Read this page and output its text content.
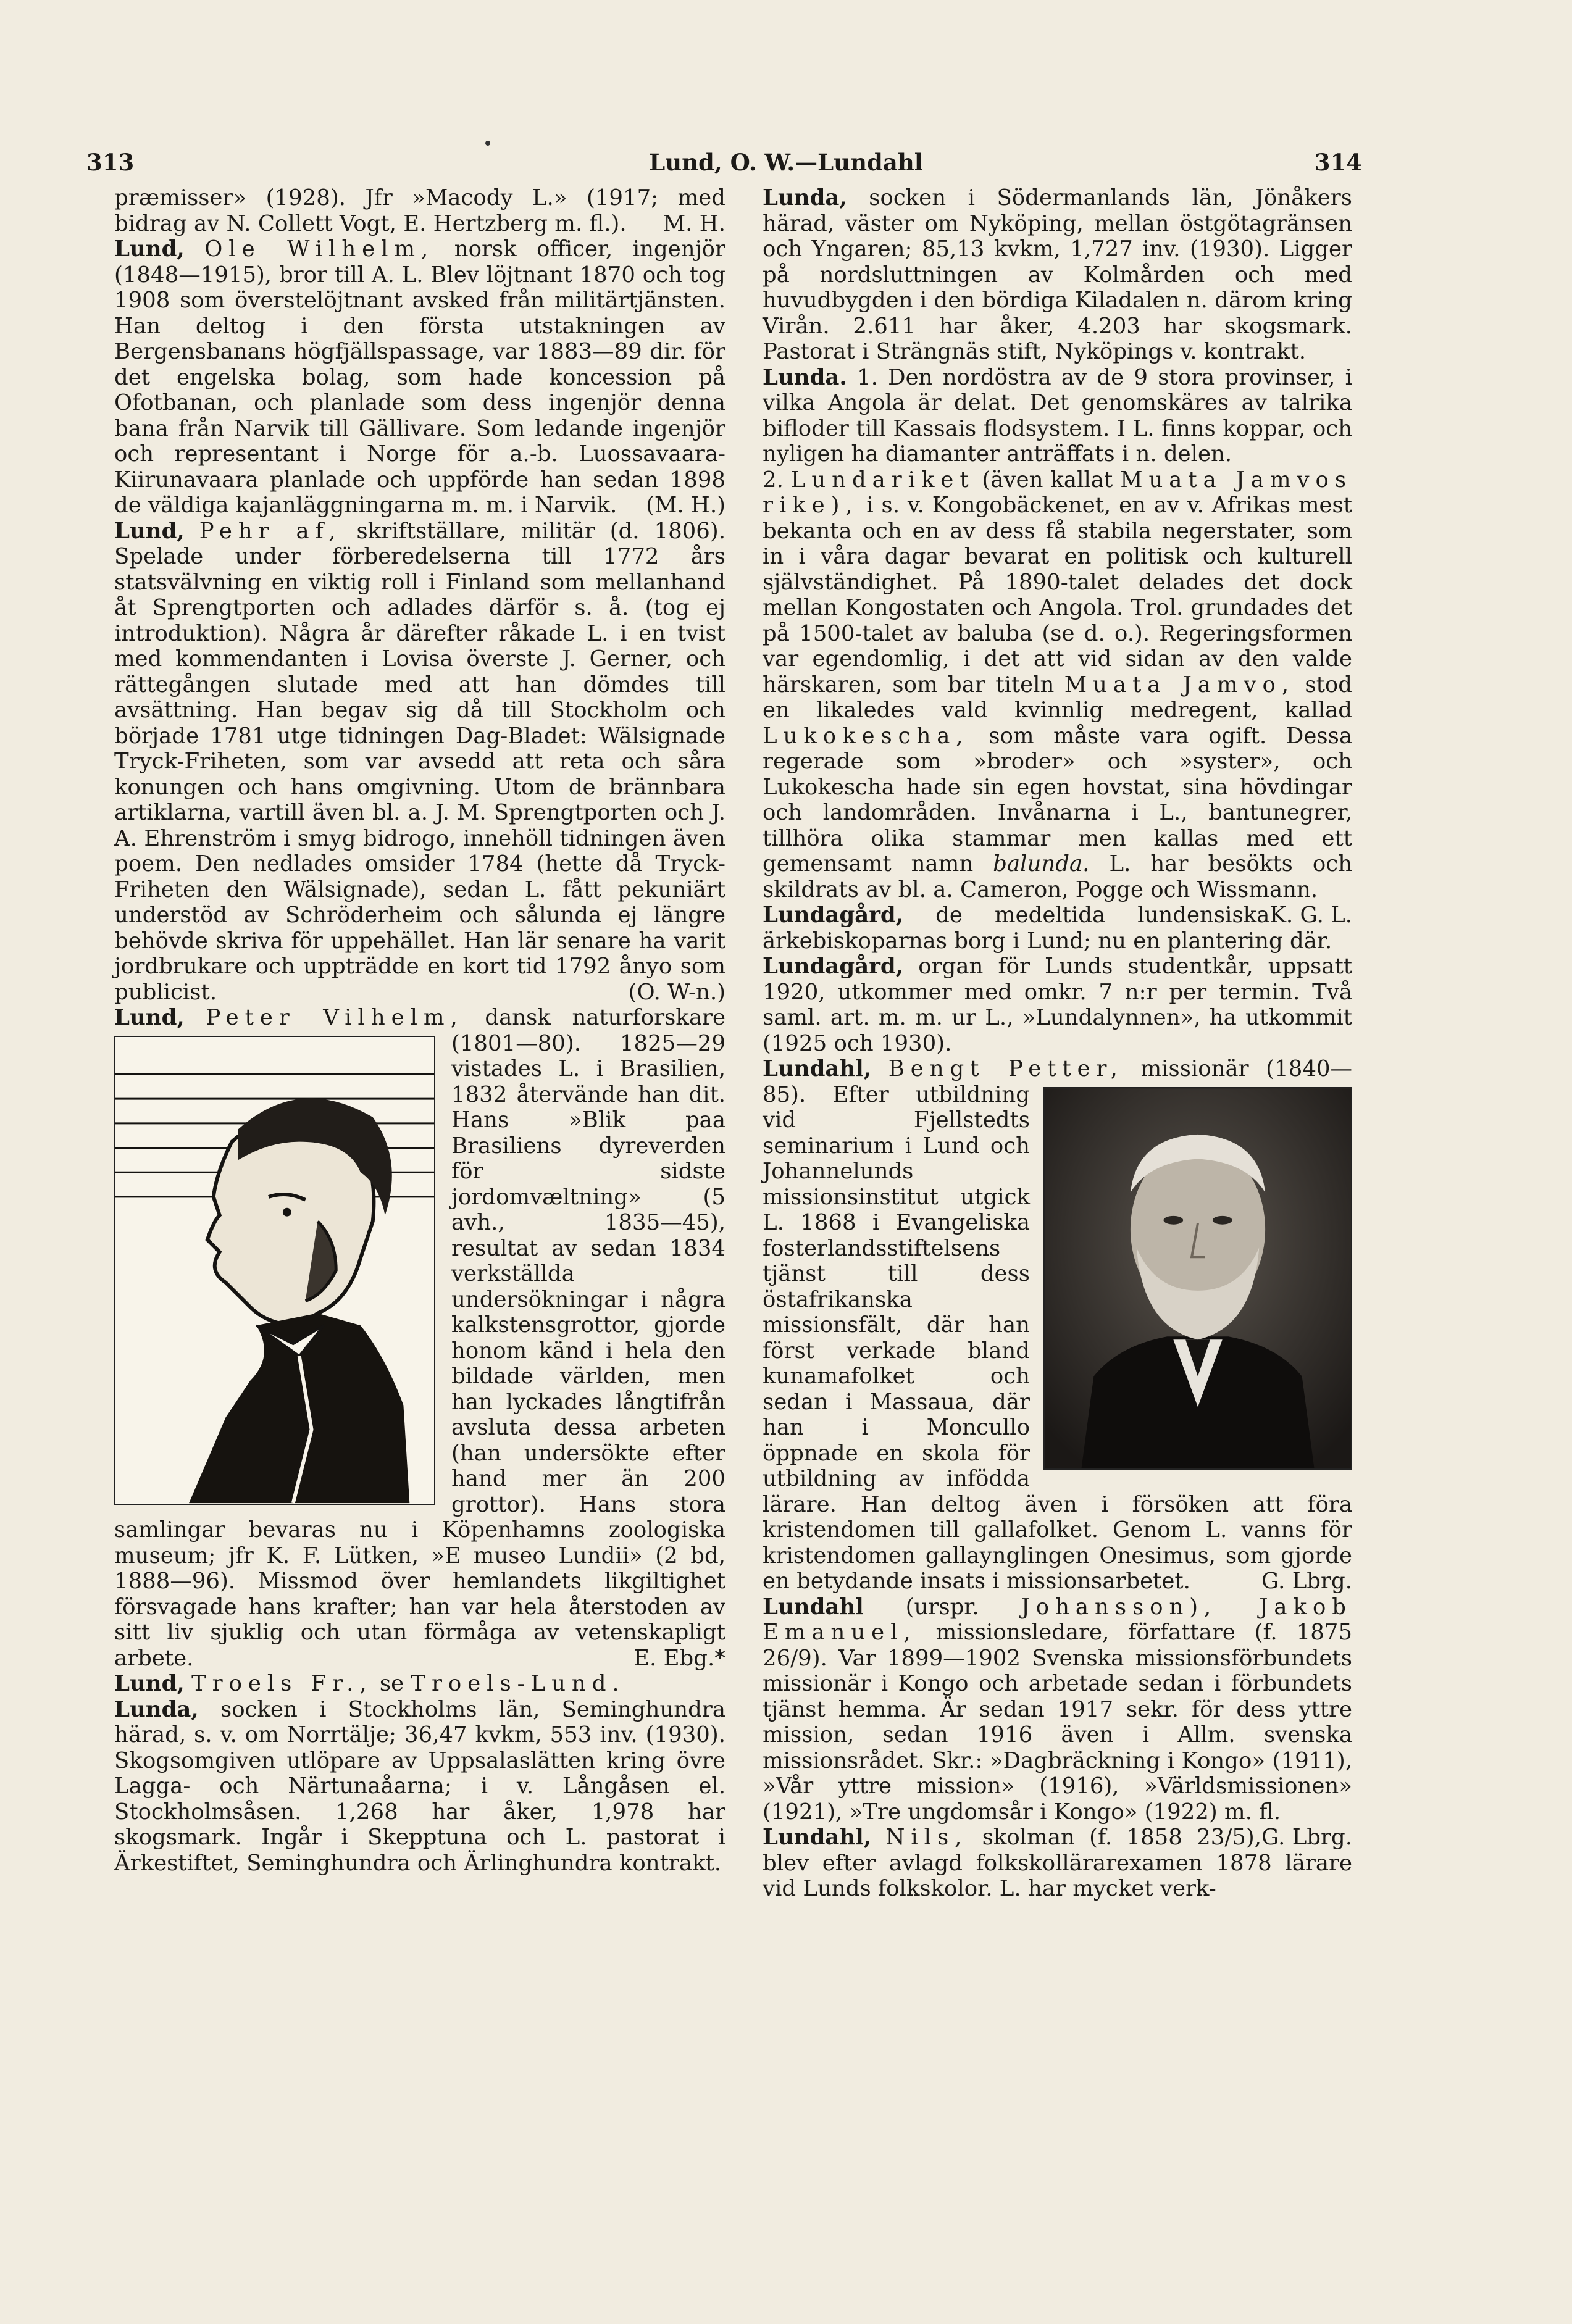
313	Lund, O. W.—Lundahl	314

præmisser» (1928). Jfr »Macody L.» (1917; med bidrag av N. Collett Vogt, E. Hertzberg m. fl.). M. H.

Lund, Ole Wilhelm, norsk officer, ingenjör (1848—1915), bror till A. L. Blev löjtnant 1870 och tog 1908 som överstelöjtnant avsked från militärtjänsten. Han deltog i den första utstakningen av Bergensbanans högfjällspassage, var 1883—89 dir. för det engelska bolag, som hade koncession på Ofotbanan, och planlade som dess ingenjör denna bana från Narvik till Gällivare. Som ledande ingenjör och representant i Norge för a.-b. Luossavaara-Kiirunavaara planlade och uppförde han sedan 1898 de väldiga kajanläggningarna m. m. i Narvik. (M. H.)

Lund, Pehr af, skriftställare, militär (d. 1806). Spelade under förberedelserna till 1772 års statsvälvning en viktig roll i Finland som mellanhand åt Sprengtporten och adlades därför s. å. (tog ej introduktion). Några år därefter råkade L. i en tvist med kommendanten i Lovisa överste J. Gerner, och rättegången slutade med att han dömdes till avsättning. Han begav sig då till Stockholm och började 1781 utge tidningen Dag-Bladet: Wälsignade Tryck-Friheten, som var avsedd att reta och såra konungen och hans omgivning. Utom de brännbara artiklarna, vartill även bl. a. J. M. Sprengtporten och J. A. Ehrenström i smyg bidrogo, innehöll tidningen även poem. Den nedlades omsider 1784 (hette då Tryck-Friheten den Wälsignade), sedan L. fått pekuniärt understöd av Schröderheim och sålunda ej längre behövde skriva för uppehället. Han lär senare ha varit jordbrukare och uppträdde en kort tid 1792 ånyo som publicist.	(O. W-n.)

Lund, Peter Vilhelm, dansk naturforskare (1801—80). 1825—29 vistades L. i Brasilien, 1832 återvände han dit. Hans »Blik paa Brasiliens dyreverden för sidste jordomvæltning» (5 avh., 1835—45), resultat av sedan 1834 verkställda undersökningar i några kalkstensgrottor, gjorde honom känd i hela den bildade världen, men han lyckades långtifrån avsluta dessa arbeten (han undersökte efter hand mer än 200 grottor). Hans stora samlingar bevaras nu i Köpenhamns zoologiska museum; jfr K. F. Lütken, »E museo Lundii» (2 bd, 1888—96). Missmod över hemlandets likgiltighet försvagade hans krafter; han var hela återstoden av sitt liv sjuklig och utan förmåga av vetenskapligt arbete.	E. Ebg.*

Lund, Troels Fr., se Troels-Lund.

Lunda, socken i Stockholms län, Seminghundra härad, s. v. om Norrtälje; 36,47 kvkm, 553 inv. (1930). Skogsomgiven utlöpare av Uppsalaslätten kring övre Lagga- och Närtunaåarna; i v. Långåsen el. Stockholmsåsen. 1,268 har åker, 1,978 har skogsmark. Ingår i Skepptuna och L. pastorat i Ärkestiftet, Seminghundra och Ärlinghundra kontrakt.

Lunda, socken i Södermanlands län, Jönåkers härad, väster om Nyköping, mellan östgötagränsen och Yngaren; 85,13 kvkm, 1,727 inv. (1930). Ligger på nordsluttningen av Kolmården och med huvudbygden i den bördiga Kiladalen n. därom kring Virån. 2.611 har åker, 4.203 har skogsmark. Pastorat i Strängnäs stift, Nyköpings v. kontrakt.

Lunda. 1. Den nordöstra av de 9 stora provinser, i vilka Angola är delat. Det genomskäres av talrika bifloder till Kassais flodsystem. I L. finns koppar, och nyligen ha diamanter anträffats i n. delen.

2. Lundariket (även kallat Muata Jamvos rike), i s. v. Kongobäckenet, en av v. Afrikas mest bekanta och en av dess få stabila negerstater, som in i våra dagar bevarat en politisk och kulturell självständighet. På 1890-talet delades det dock mellan Kongostaten och Angola. Trol. grundades det på 1500-talet av baluba (se d. o.). Regeringsformen var egendomlig, i det att vid sidan av den valde härskaren, som bar titeln Muata Jamvo, stod en likaledes vald kvinnlig medregent, kallad Lukokescha, som måste vara ogift. Dessa regerade som »broder» och »syster», och Lukokescha hade sin egen hovstat, sina hövdingar och landområden. Invånarna i L., bantunegrer, tillhöra olika stammar men kallas med ett gemensamt namn balunda. L. har besökts och skildrats av bl. a. Cameron, Pogge och Wissmann.
K. G. L.

Lundagård, de medeltida lundensiska ärkebiskoparnas borg i Lund; nu en plantering där.

Lundagård, organ för Lunds studentkår, uppsatt 1920, utkommer med omkr. 7 n:r per termin. Två saml. art. m. m. ur L., »Lundalynnen», ha utkommit (1925 och 1930).

Lundahl, Bengt Petter, missionär (1840—85). Efter utbildning vid Fjellstedts seminarium i Lund och Johannelunds missionsinstitut utgick L. 1868 i Evangeliska fosterlandsstiftelsens tjänst till dess östafrikanska missionsfält, där han först verkade bland kunamafolket och sedan i Massaua, där han i Moncullo öppnade en skola för utbildning av infödda lärare. Han deltog även i försöken att föra kristendomen till gallafolket. Genom L. vanns för kristendomen gallaynglingen Onesimus, som gjorde en betydande insats i missionsarbetet.	G. Lbrg.

Lundahl (urspr. Johansson), Jakob Emanuel, missionsledare, författare (f. 1875 26/9). Var 1899—1902 Svenska missionsförbundets missionär i Kongo och arbetade sedan i förbundets tjänst hemma. Är sedan 1917 sekr. för dess yttre mission, sedan 1916 även i Allm. svenska missionsrådet. Skr.: »Dagbräckning i Kongo» (1911), »Vår yttre mission» (1916), »Världsmissionen» (1921), »Tre ungdomsår i Kongo» (1922) m. fl.
G. Lbrg.

Lundahl, Nils, skolman (f. 1858 23/5), blev efter avlagd folkskollärarexamen 1878 lärare vid Lunds folkskolor. L. har mycket verk-
